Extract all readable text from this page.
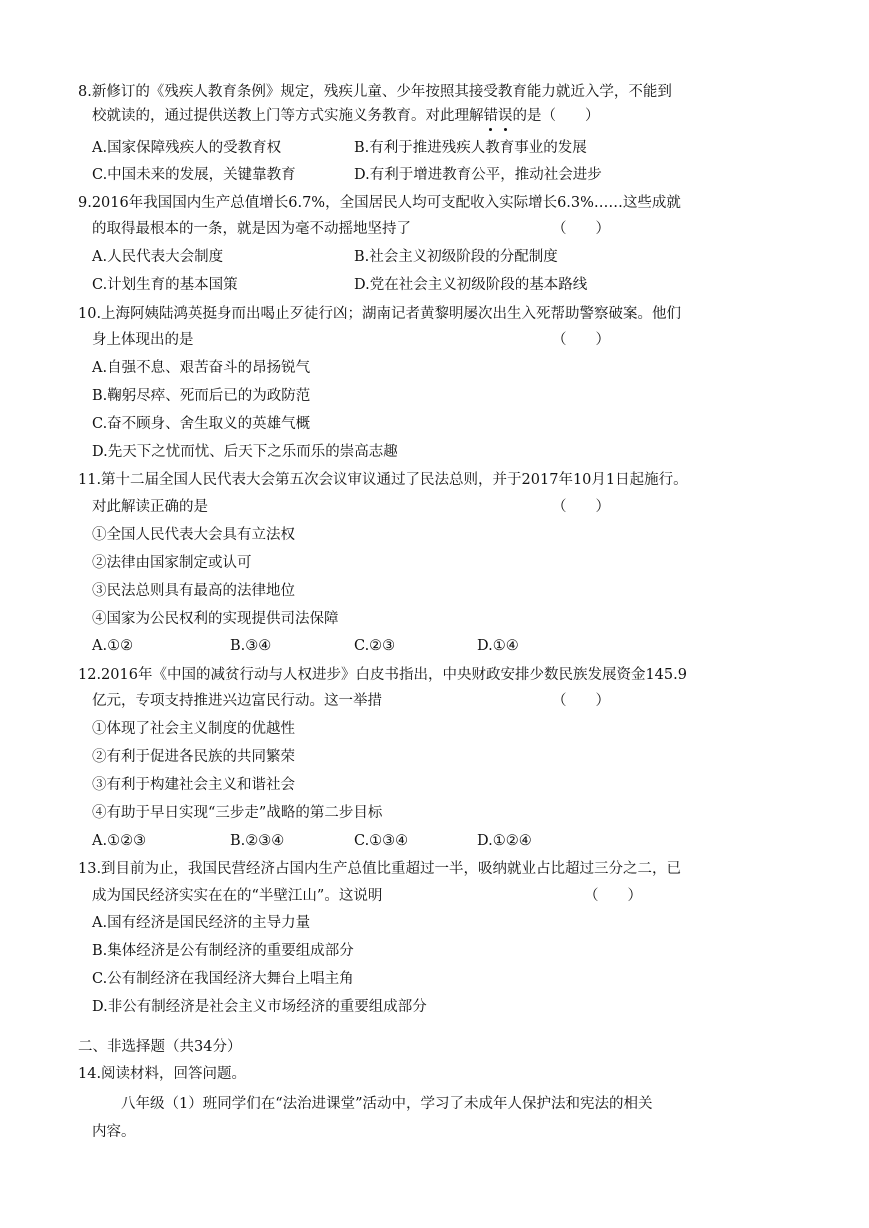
8.新修订的《残疾人教育条例》规定，残疾儿童、少年按照其接受教育能力就近入学，不能到
校就读的，通过提供送教上门等方式实施义务教育。对此理解错误的是（　　）
A.国家保障残疾人的受教育权	B.有利于推进残疾人教育事业的发展
C.中国未来的发展，关键靠教育	D.有利于增进教育公平，推动社会进步
9.2016年我国国内生产总值增长6.7%，全国居民人均可支配收入实际增长6.3%……这些成就
的取得最根本的一条，就是因为毫不动摇地坚持了	（　　）
A.人民代表大会制度	B.社会主义初级阶段的分配制度
C.计划生育的基本国策	D.党在社会主义初级阶段的基本路线
10.上海阿姨陆鸿英挺身而出喝止歹徒行凶；湖南记者黄黎明屡次出生入死帮助警察破案。他们
身上体现出的是	（　　）
A.自强不息、艰苦奋斗的昂扬锐气
B.鞠躬尽瘁、死而后已的为政防范
C.奋不顾身、舍生取义的英雄气概
D.先天下之忧而忧、后天下之乐而乐的崇高志趣
11.第十二届全国人民代表大会第五次会议审议通过了民法总则，并于2017年10月1日起施行。
对此解读正确的是	（　　）
①全国人民代表大会具有立法权
②法律由国家制定或认可
③民法总则具有最高的法律地位
④国家为公民权利的实现提供司法保障
A.①②	B.③④	C.②③	D.①④
12.2016年《中国的减贫行动与人权进步》白皮书指出，中央财政安排少数民族发展资金145.9
亿元，专项支持推进兴边富民行动。这一举措	（　　）
①体现了社会主义制度的优越性
②有利于促进各民族的共同繁荣
③有利于构建社会主义和谐社会
④有助于早日实现“三步走”战略的第二步目标
A.①②③	B.②③④	C.①③④	D.①②④
13.到目前为止，我国民营经济占国内生产总值比重超过一半，吸纳就业占比超过三分之二，已
成为国民经济实实在在的“半壁江山”。这说明	（　　）
A.国有经济是国民经济的主导力量
B.集体经济是公有制经济的重要组成部分
C.公有制经济在我国经济大舞台上唱主角
D.非公有制经济是社会主义市场经济的重要组成部分
二、非选择题（共34分）
14.阅读材料，回答问题。
八年级（1）班同学们在“法治进课堂”活动中，学习了未成年人保护法和宪法的相关
内容。
